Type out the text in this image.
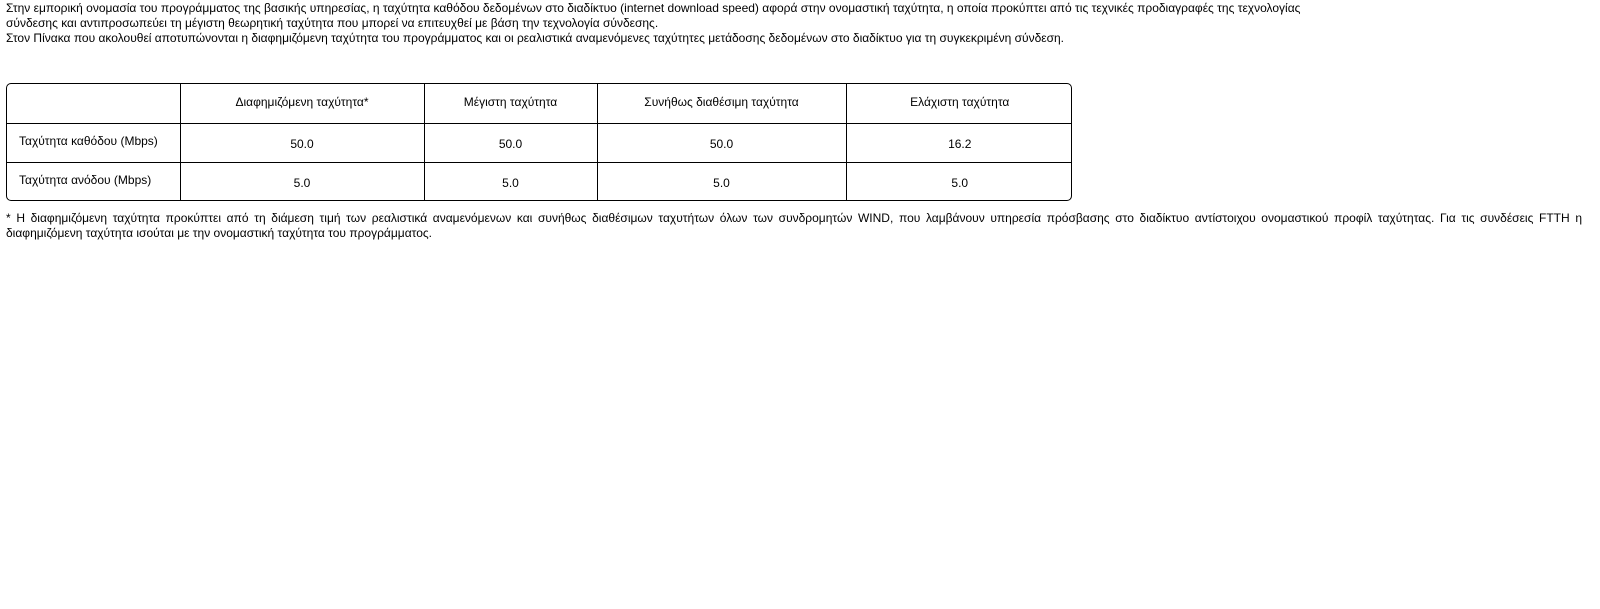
Στην εμπορική ονομασία του προγράμματος της βασικής υπηρεσίας, η ταχύτητα καθόδου δεδομένων στο διαδίκτυο (internet download speed) αφορά στην ονομαστική ταχύτητα, η οποία προκύπτει από τις τεχνικές προδιαγραφές της τεχνολογίας σύνδεσης και αντιπροσωπεύει τη μέγιστη θεωρητική ταχύτητα που μπορεί να επιτευχθεί με βάση την τεχνολογία σύνδεσης.

Στον Πίνακα που ακολουθεί αποτυπώνονται η διαφημιζόμενη ταχύτητα του προγράμματος και οι ρεαλιστικά αναμενόμενες ταχύτητες μετάδοσης δεδομένων στο διαδίκτυο για τη συγκεκριμένη σύνδεση.

	Διαφημιζόμενη ταχύτητα*	Μέγιστη ταχύτητα	Συνήθως διαθέσιμη ταχύτητα	Ελάχιστη ταχύτητα
Ταχύτητα καθόδου (Mbps)	50.0	50.0	50.0	16.2
Ταχύτητα ανόδου (Mbps)	5.0	5.0	5.0	5.0

* Η διαφημιζόμενη ταχύτητα προκύπτει από τη διάμεση τιμή των ρεαλιστικά αναμενόμενων και συνήθως διαθέσιμων ταχυτήτων όλων των συνδρομητών WIND, που λαμβάνουν υπηρεσία πρόσβασης στο διαδίκτυο αντίστοιχου ονομαστικού προφίλ ταχύτητας. Για τις συνδέσεις FTTH η διαφημιζόμενη ταχύτητα ισούται με την ονομαστική ταχύτητα του προγράμματος.
